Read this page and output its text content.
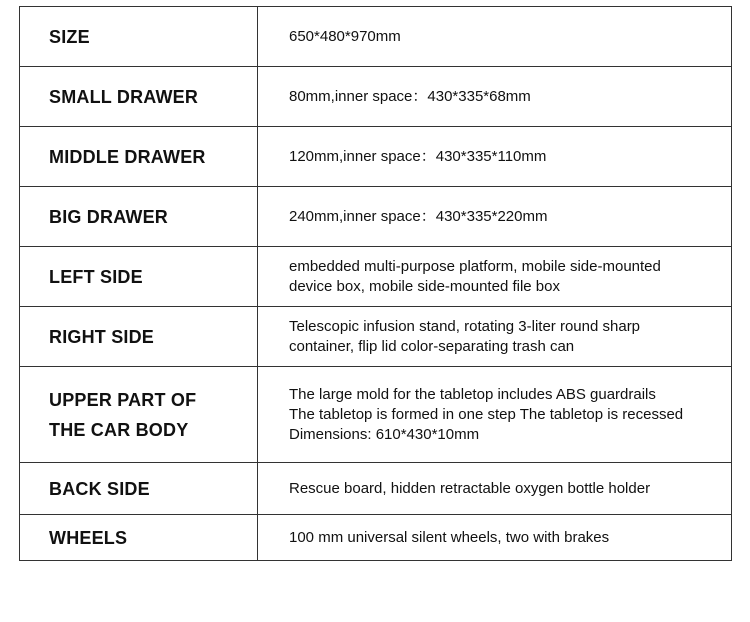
SIZE	650*480*970mm

SMALL DRAWER	80mm,inner space：430*335*68mm

MIDDLE DRAWER	120mm,inner space：430*335*110mm

BIG DRAWER	240mm,inner space：430*335*220mm

LEFT SIDE	embedded multi-purpose platform, mobile side-mounted
device box, mobile side-mounted file box

RIGHT SIDE	Telescopic infusion stand, rotating 3-liter round sharp
container, flip lid color-separating trash can

UPPER PART OF
THE CAR BODY	The large mold for the tabletop includes ABS guardrails
The tabletop is formed in one step The tabletop is recessed
Dimensions: 610*430*10mm

BACK SIDE	Rescue board, hidden retractable oxygen bottle holder

WHEELS	100 mm universal silent wheels, two with brakes
